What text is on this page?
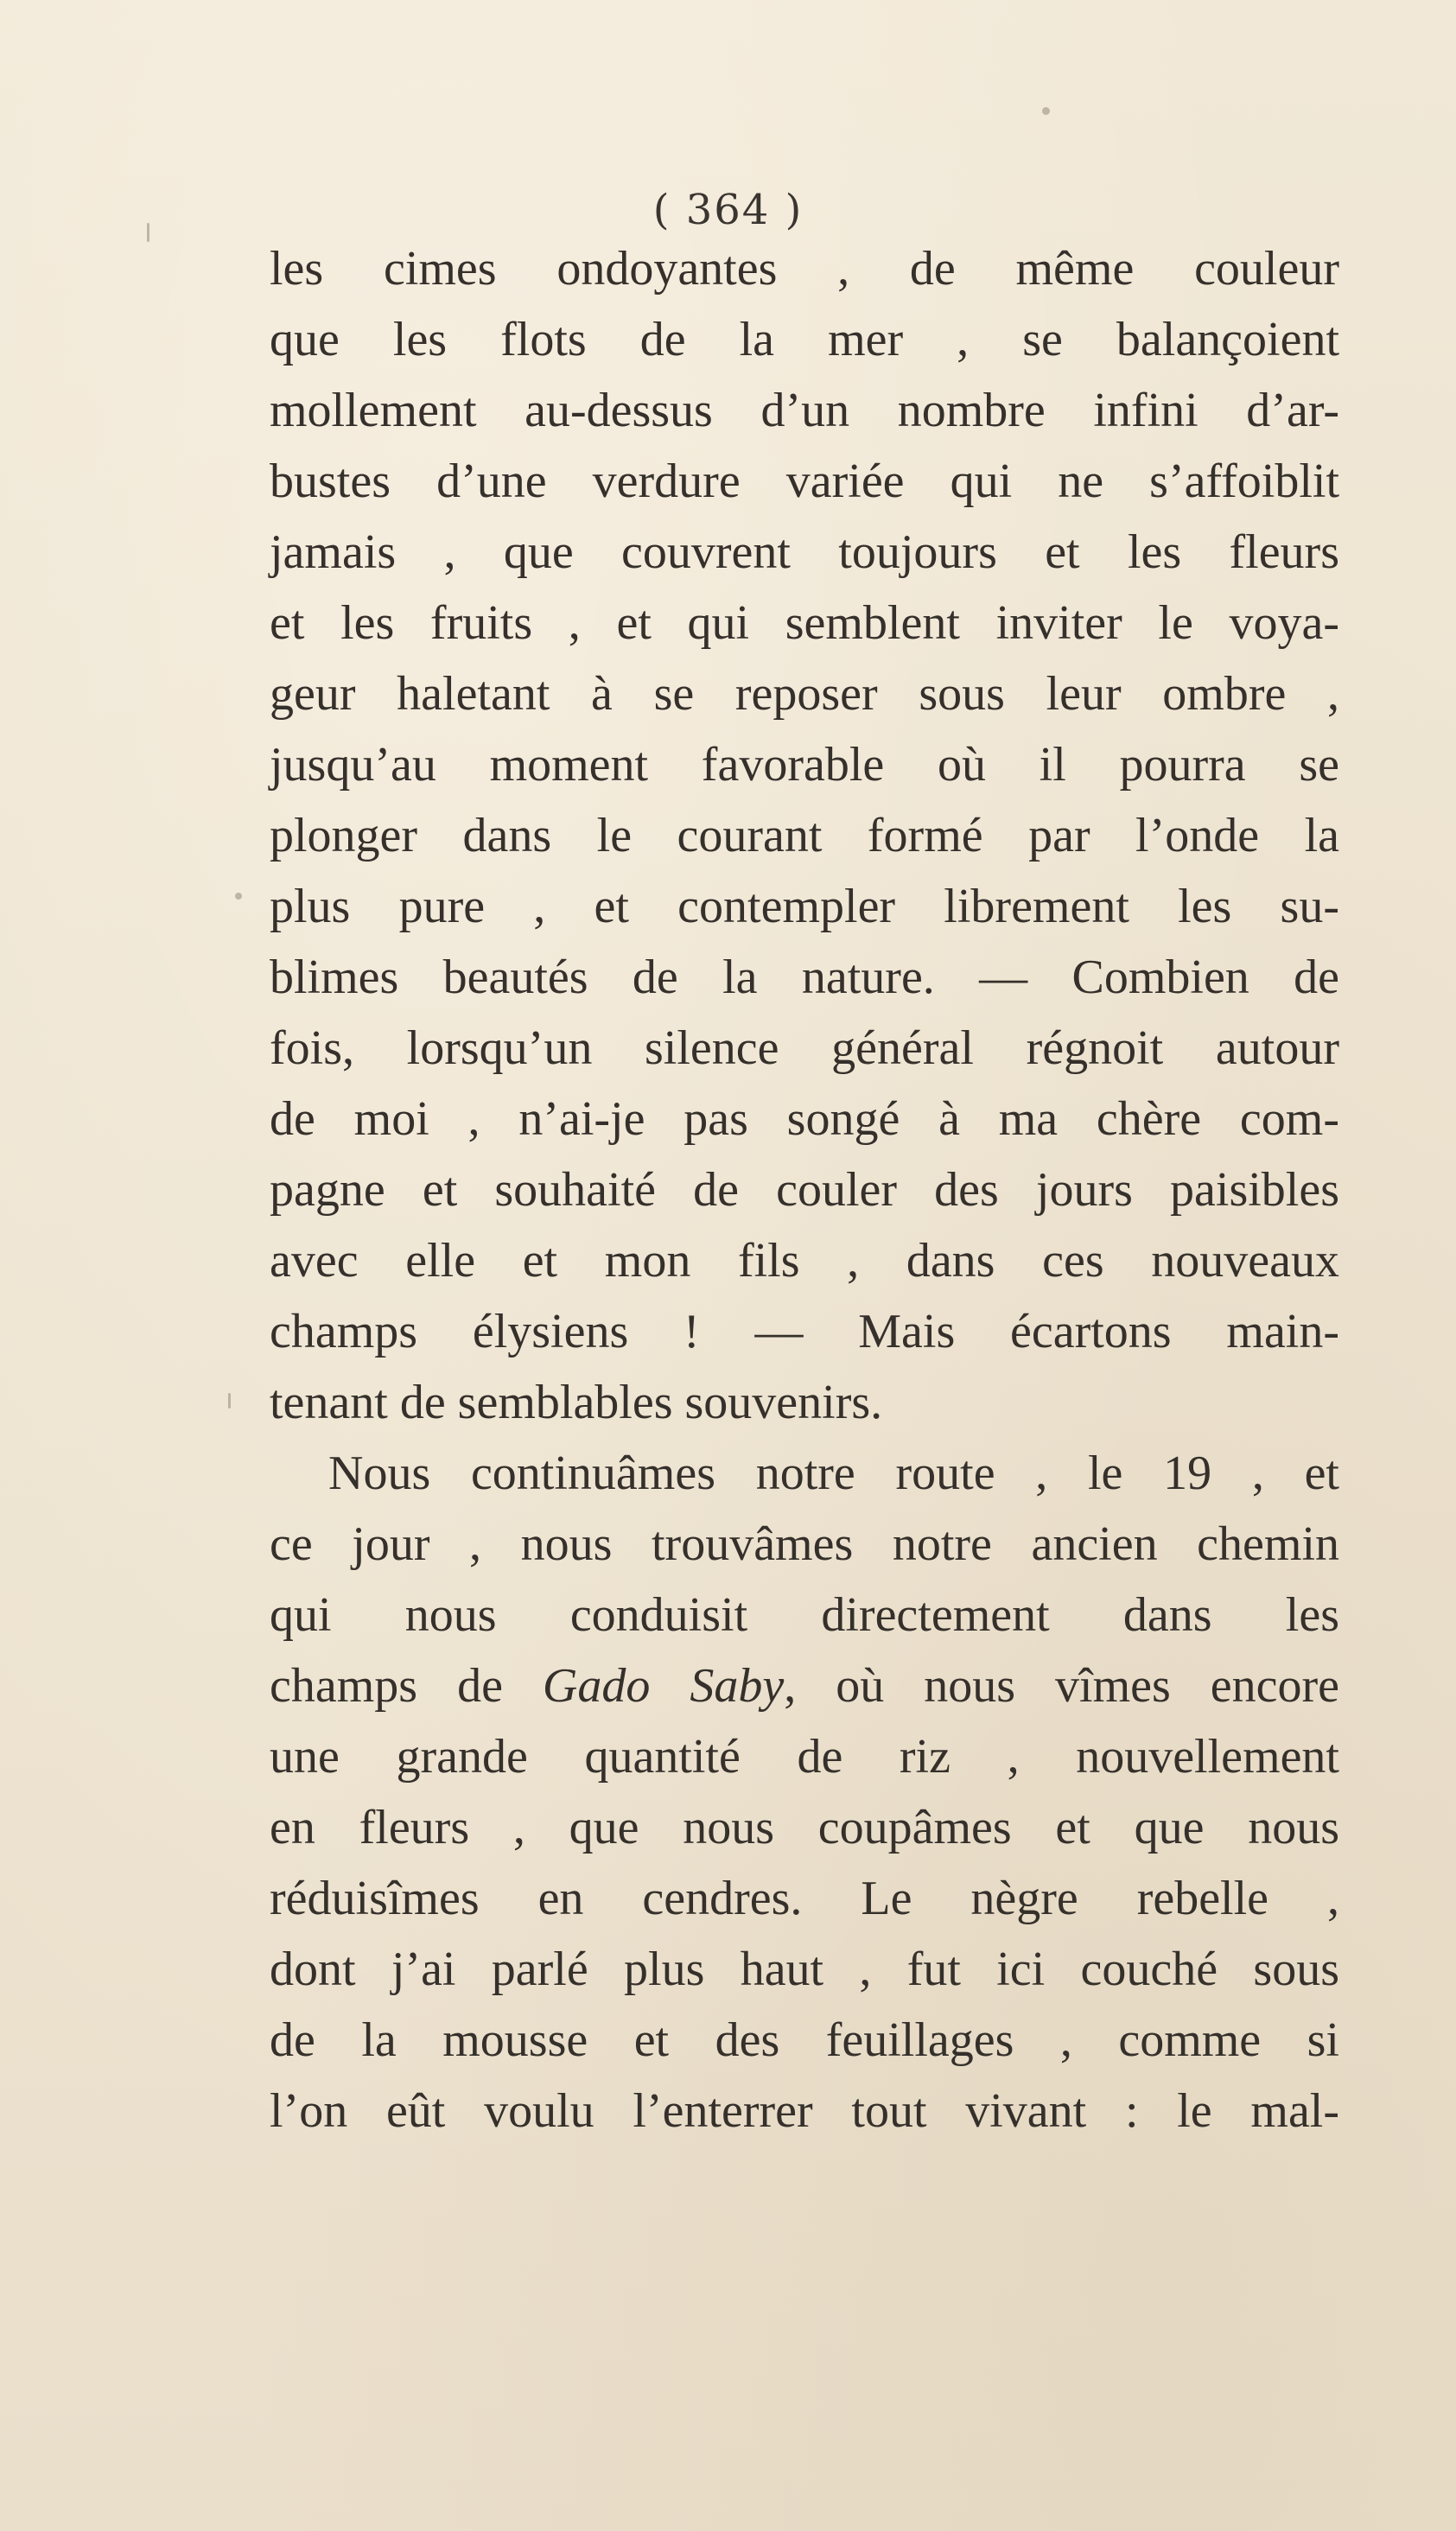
( 364 )
les cimes ondoyantes , de même couleur
que les flots de la mer , se balançoient
mollement au-dessus d’un nombre infini d’ar-
bustes d’une verdure variée qui ne s’affoiblit
jamais , que couvrent toujours et les fleurs
et les fruits , et qui semblent inviter le voya-
geur haletant à se reposer sous leur ombre ,
jusqu’au moment favorable où il pourra se
plonger dans le courant formé par l’onde la
plus pure , et contempler librement les su-
blimes beautés de la nature. — Combien de
fois, lorsqu’un silence général régnoit autour
de moi , n’ai-je pas songé à ma chère com-
pagne et souhaité de couler des jours paisibles
avec elle et mon fils , dans ces nouveaux
champs élysiens ! — Mais écartons main-
tenant de semblables souvenirs.
Nous continuâmes notre route , le 19 , et
ce jour , nous trouvâmes notre ancien chemin
qui nous conduisit directement dans les
champs de Gado Saby, où nous vîmes encore
une grande quantité de riz , nouvellement
en fleurs , que nous coupâmes et que nous
réduisîmes en cendres. Le nègre rebelle ,
dont j’ai parlé plus haut , fut ici couché sous
de la mousse et des feuillages , comme si
l’on eût voulu l’enterrer tout vivant : le mal-
